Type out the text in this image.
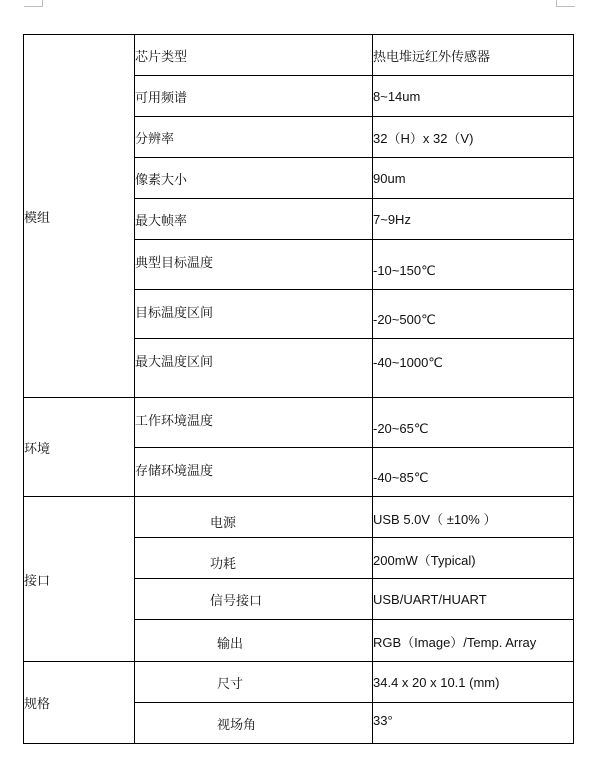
模组	芯片类型	热电堆远红外传感器
	可用频谱	8~14um
	分辨率	32（H）x 32（V)
	像素大小	90um
	最大帧率	7~9Hz
	典型目标温度	-10~150℃
	目标温度区间	-20~500℃
	最大温度区间	-40~1000℃
环境	工作环境温度	-20~65℃
	存储环境温度	-40~85℃
接口	电源	USB 5.0V（ ±10% ）
	功耗	200mW（Typical)
	信号接口	USB/UART/HUART
	输出	RGB（Image）/Temp. Array
规格	尺寸	34.4 x 20 x 10.1 (mm)
	视场角	33°
